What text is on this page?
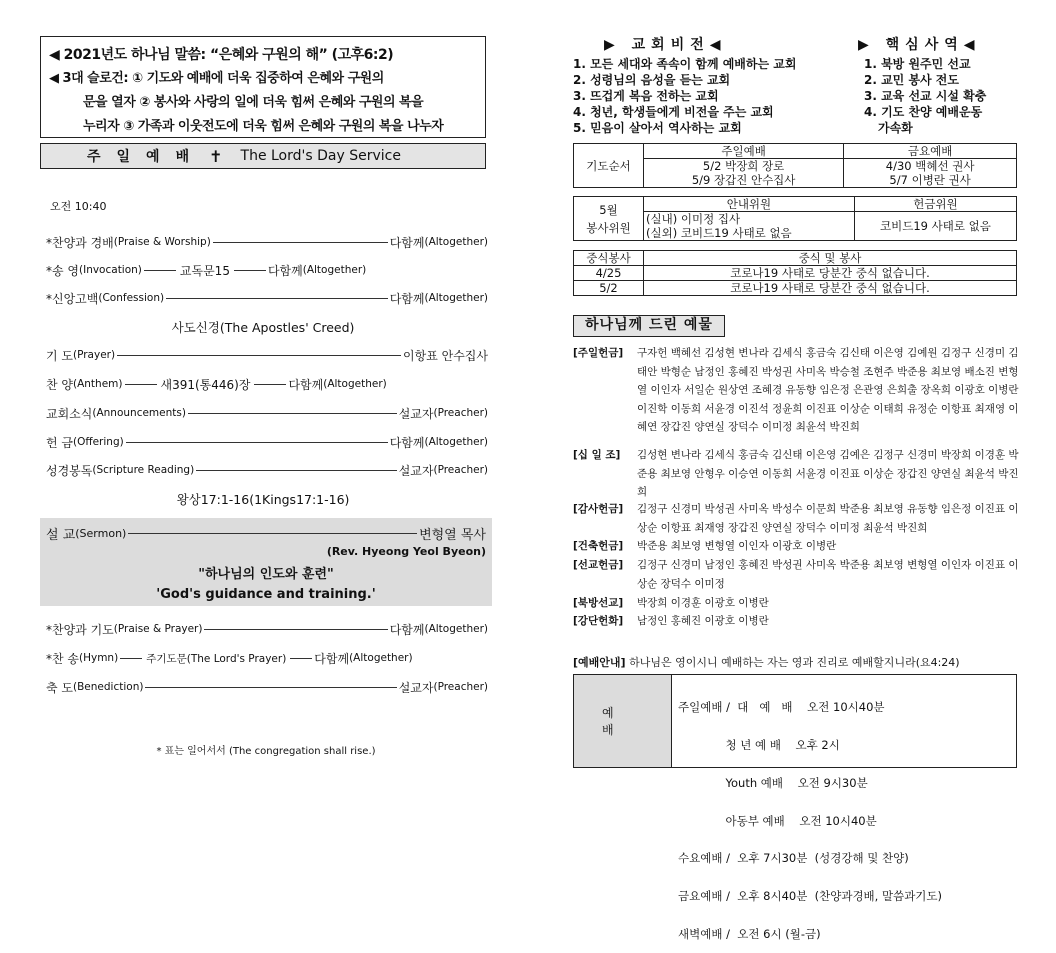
◀ 2021년도 하나님 말씀: “은혜와 구원의 해” (고후6:2)
◀ 3대 슬로건: ① 기도와 예배에 더욱 집중하여 은혜와 구원의
문을 열자 ② 봉사와 사랑의 일에 더욱 힘써 은혜와 구원의 복을
누리자 ③ 가족과 이웃전도에 더욱 힘써 은혜와 구원의 복을 나누자
주일예배 ✝ The Lord's Day Service
오전 10:40
*찬양과 경배 (Praise & Worship)	다함께 (Altogether)
*송 영 (Invocation)	교독문15	다함께 (Altogether)
*신앙고백 (Confession)	다함께 (Altogether)
사도신경(The Apostles' Creed)
기 도 (Prayer)	이항표 안수집사
찬 양 (Anthem)	새391(통446)장	다함께 (Altogether)
교회소식 (Announcements)	설교자 (Preacher)
헌 금 (Offering)	다함께 (Altogether)
성경봉독 (Scripture Reading)	설교자 (Preacher)
왕상17:1-16(1Kings17:1-16)
설 교 (Sermon)	변형열 목사
(Rev. Hyeong Yeol Byeon)
"하나님의 인도와 훈련"
'God's guidance and training.'
*찬양과 기도 (Praise & Prayer)	다함께 (Altogether)
*찬 송 (Hymn)	주기도문(The Lord's Prayer) 다함께 (Altogether)
축 도 (Benediction)	설교자 (Preacher)
* 표는 일어서서 (The congregation shall rise.)
▶ 교회비전◀	▶ 핵심사역◀
1. 모든 세대와 족속이 함께 예배하는 교회
2. 성령님의 음성을 듣는 교회
3. 뜨겁게 복음 전하는 교회
4. 청년, 학생들에게 비전을 주는 교회
5. 믿음이 살아서 역사하는 교회
1. 북방 원주민 선교
2. 교민 봉사 전도
3. 교육 선교 시설 확충
4. 기도 찬양 예배운동
가속화
기도순서	주일예배	금요예배
	5/2 박장희 장로	4/30 백혜선 권사
	5/9 장갑진 안수집사	5/7 이병란 권사
5월
봉사위원	안내위원	헌금위원
	(실내) 이미정 집사	코비드19 사태로 없음
	(실외) 코비드19 사태로 없음	
중식봉사	중식 및 봉사
4/25	코로나19 사태로 당분간 중식 없습니다.
5/2	코로나19 사태로 당분간 중식 없습니다.
하나님께 드린 예물
[주일헌금]	구자헌 백혜선 김성현 변나라 김세식 홍금숙 김신태 이은영 김예원 김정구 신경미 김태안 박형순 남정인 홍혜진 박성권 사미옥 박승철 조현주 박준용 최보영 배소진 변형열 이인자 서일순 원상연 조혜경 유동향 임은정 은관영 은희출 장옥희 이광호 이병란 이진학 이동희 서윤경 이진석 정윤희 이진표 이상순 이태희 유정순 이항표 최재영 이혜연 장갑진 양연실 장덕수 이미정 최윤석 박진희
[십 일 조]	김성현 변나라 김세식 홍금숙 김신태 이은영 김예은 김정구 신경미 박장희 이경훈 박준용 최보영 안형우 이승연 이동희 서윤경 이진표 이상순 장갑진 양연실 최윤석 박진희
[감사헌금]	김정구 신경미 박성권 사미옥 박성수 이문희 박준용 최보영 유동향 임은정 이진표 이상순 이항표 최재영 장갑진 양연실 장덕수 이미정 최윤석 박진희
[건축헌금]	박준용 최보영 변형열 이인자 이광호 이병란
[선교헌금]	김정구 신경미 남정인 홍혜진 박성권 사미옥 박준용 최보영 변형열 이인자 이진표 이상순 장덕수 이미정
[북방선교]	박장희 이경훈 이광호 이병란
[강단헌화]	남정인 홍혜진 이광호 이병란
[예배안내] 하나님은 영이시니 예배하는 자는 영과 진리로 예배할지니라(요4:24)
예배

주일예배 /  대   예   배    오전 10시40분

청 년 예 배    오후 2시

Youth 예배    오전 9시30분

아동부 예배    오전 10시40분

수요예배 /  오후 7시30분  (성경강해 및 찬양)

금요예배 /  오후 8시40분  (찬양과경배, 말씀과기도)

새벽예배 /  오전 6시 (월-금)
